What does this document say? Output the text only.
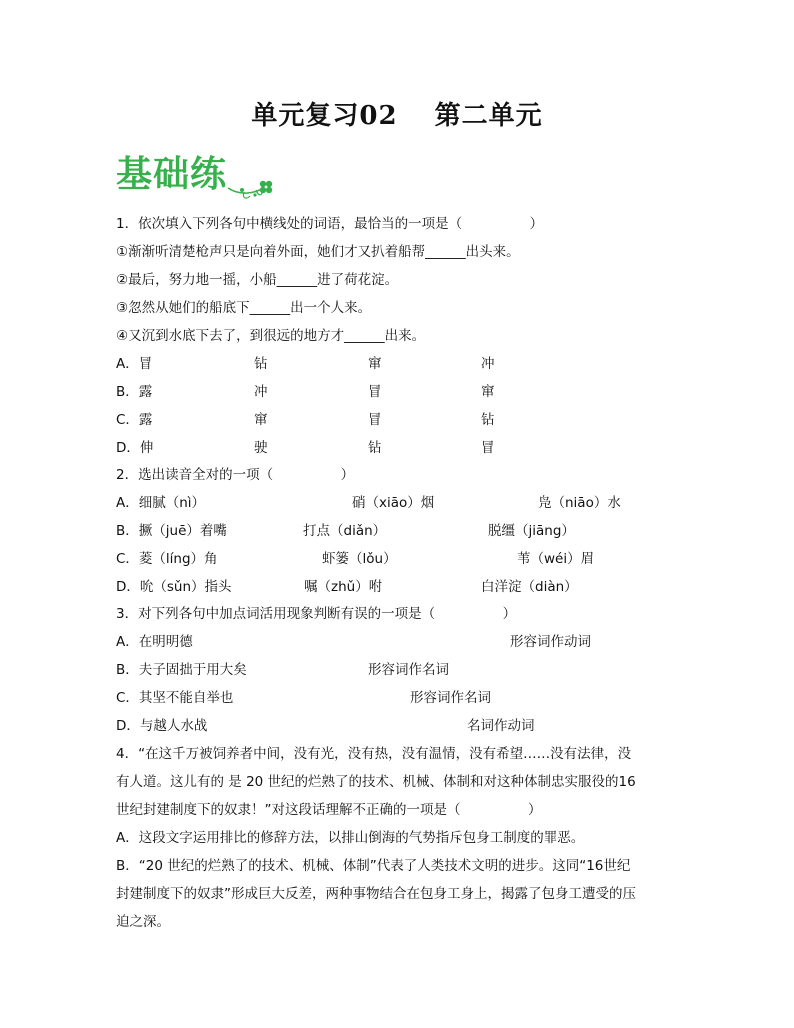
单元复习02　 第二单元
基础练
1．依次填入下列各句中横线处的词语，最恰当的一项是（　　　　　）
①渐渐听清楚枪声只是向着外面，她们才又扒着船帮______出头来。
②最后，努力地一摇，小船______进了荷花淀。
③忽然从她们的船底下______出一个人来。
④又沉到水底下去了，到很远的地方才______出来。
A．冒	钻	窜	冲
B．露	冲	冒	窜
C．露	窜	冒	钻
D．伸	驶	钻	冒
2．选出读音全对的一项（　　　　　）
A．细腻（nì）	硝（xiāo）烟	凫（niāo）水
B．撅（juē）着嘴	打点（diǎn）	脱缰（jiāng）
C．菱（líng）角	虾篓（lǒu）	苇（wéi）眉
D．吮（sǔn）指头	嘱（zhǔ）咐	白洋淀（diàn）
3．对下列各句中加点词活用现象判断有误的一项是（　　　　　）
A．在明明德	形容词作动词
B．夫子固拙于用大矣	形容词作名词
C．其坚不能自举也	形容词作名词
D．与越人水战	名词作动词
4．“在这千万被饲养者中间，没有光，没有热，没有温情，没有希望……没有法律，没
有人道。这儿有的 是 20 世纪的烂熟了的技术、机械、体制和对这种体制忠实服役的16
世纪封建制度下的奴隶！”对这段话理解不正确的一项是（　　　　　）
A．这段文字运用排比的修辞方法，以排山倒海的气势指斥包身工制度的罪恶。
B．“20 世纪的烂熟了的技术、机械、体制”代表了人类技术文明的进步。这同“16世纪
封建制度下的奴隶”形成巨大反差，两种事物结合在包身工身上，揭露了包身工遭受的压
迫之深。
